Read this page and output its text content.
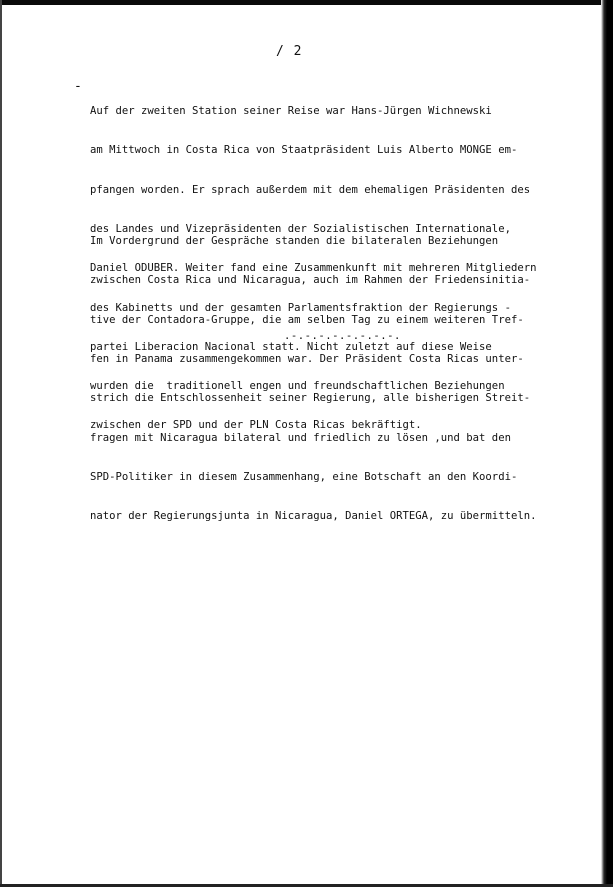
/ 2
-

Auf der zweiten Station seiner Reise war Hans-Jürgen Wichnewski

am Mittwoch in Costa Rica von Staatpräsident Luis Alberto MONGE em-

pfangen worden. Er sprach außerdem mit dem ehemaligen Präsidenten des

des Landes und Vizepräsidenten der Sozialistischen Internationale,

Daniel ODUBER. Weiter fand eine Zusammenkunft mit mehreren Mitgliedern

des Kabinetts und der gesamten Parlamentsfraktion der Regierungs -

partei Liberacion Nacional statt. Nicht zuletzt auf diese Weise

wurden die  traditionell engen und freundschaftlichen Beziehungen

zwischen der SPD und der PLN Costa Ricas bekräftigt.

Im Vordergrund der Gespräche standen die bilateralen Beziehungen

zwischen Costa Rica und Nicaragua, auch im Rahmen der Friedensinitia-

tive der Contadora-Gruppe, die am selben Tag zu einem weiteren Tref-

fen in Panama zusammengekommen war. Der Präsident Costa Ricas unter-

strich die Entschlossenheit seiner Regierung, alle bisherigen Streit-

fragen mit Nicaragua bilateral und friedlich zu lösen ,und bat den

SPD-Politiker in diesem Zusammenhang, eine Botschaft an den Koordi-

nator der Regierungsjunta in Nicaragua, Daniel ORTEGA, zu übermitteln.

.-.-.-.-.-.-.-.-.
